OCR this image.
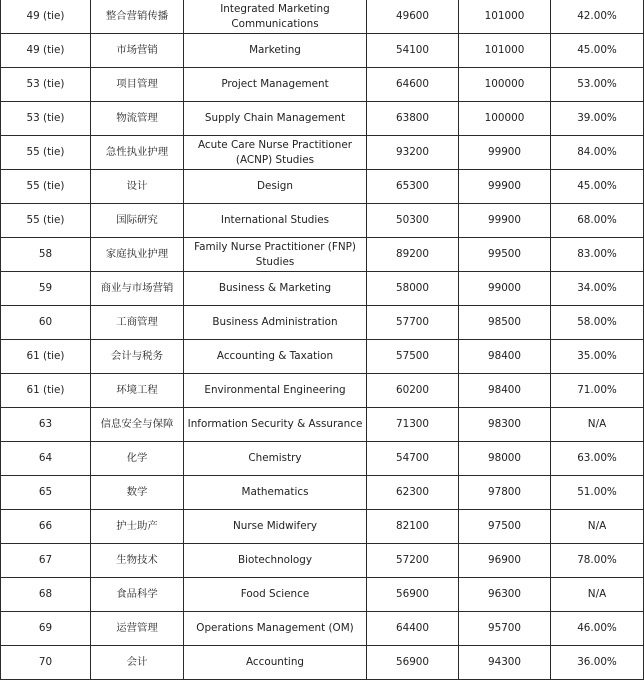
49 (tie)	整合营销传播	Integrated Marketing Communications	49600	101000	42.00%
49 (tie)	市场营销	Marketing	54100	101000	45.00%
53 (tie)	项目管理	Project Management	64600	100000	53.00%
53 (tie)	物流管理	Supply Chain Management	63800	100000	39.00%
55 (tie)	急性执业护理	Acute Care Nurse Practitioner (ACNP) Studies	93200	99900	84.00%
55 (tie)	设计	Design	65300	99900	45.00%
55 (tie)	国际研究	International Studies	50300	99900	68.00%
58	家庭执业护理	Family Nurse Practitioner (FNP) Studies	89200	99500	83.00%
59	商业与市场营销	Business & Marketing	58000	99000	34.00%
60	工商管理	Business Administration	57700	98500	58.00%
61 (tie)	会计与税务	Accounting & Taxation	57500	98400	35.00%
61 (tie)	环境工程	Environmental Engineering	60200	98400	71.00%
63	信息安全与保障	Information Security & Assurance	71300	98300	N/A
64	化学	Chemistry	54700	98000	63.00%
65	数学	Mathematics	62300	97800	51.00%
66	护士助产	Nurse Midwifery	82100	97500	N/A
67	生物技术	Biotechnology	57200	96900	78.00%
68	食品科学	Food Science	56900	96300	N/A
69	运营管理	Operations Management (OM)	64400	95700	46.00%
70	会计	Accounting	56900	94300	36.00%
